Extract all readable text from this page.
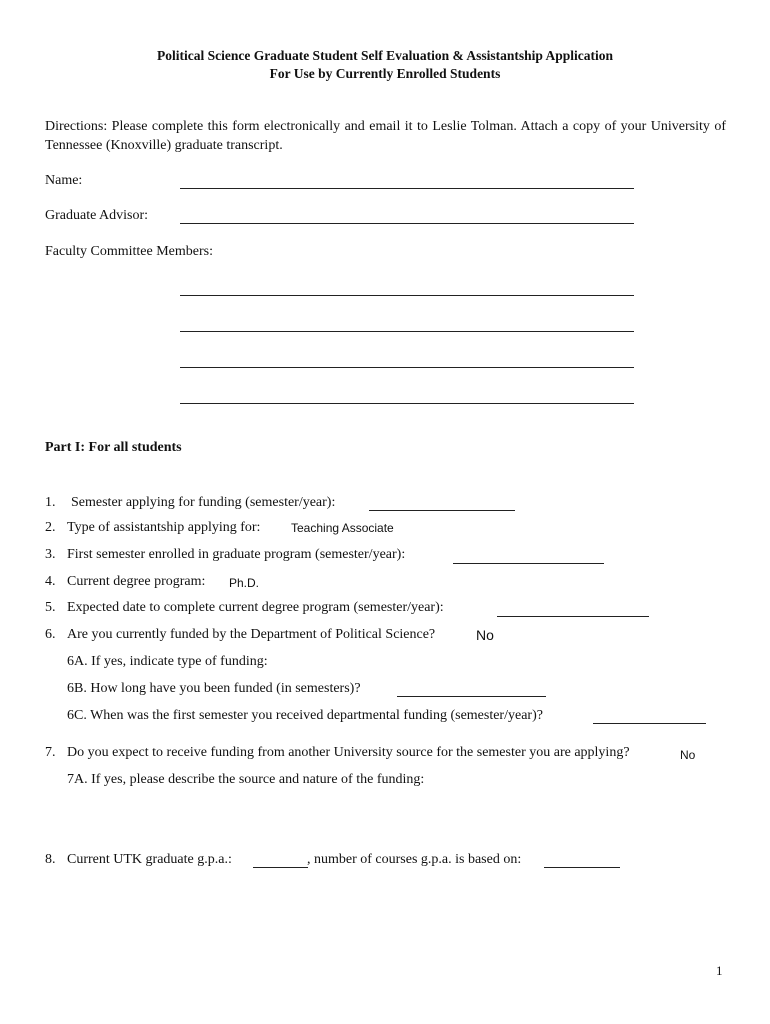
Political Science Graduate Student Self Evaluation & Assistantship Application
For Use by Currently Enrolled Students
Directions: Please complete this form electronically and email it to Leslie Tolman. Attach a copy of your University of Tennessee (Knoxville) graduate transcript.
Name:
Graduate Advisor:
Faculty Committee Members:
Part I: For all students
1. Semester applying for funding (semester/year):
2. Type of assistantship applying for:	Teaching Associate
3. First semester enrolled in graduate program (semester/year):
4. Current degree program: Ph.D.
5. Expected date to complete current degree program (semester/year):
6. Are you currently funded by the Department of Political Science?	No
6A. If yes, indicate type of funding:
6B. How long have you been funded (in semesters)?
6C. When was the first semester you received departmental funding (semester/year)?
7. Do you expect to receive funding from another University source for the semester you are applying?	No
7A. If yes, please describe the source and nature of the funding:
8. Current UTK graduate g.p.a.:	, number of courses g.p.a. is based on:
1
